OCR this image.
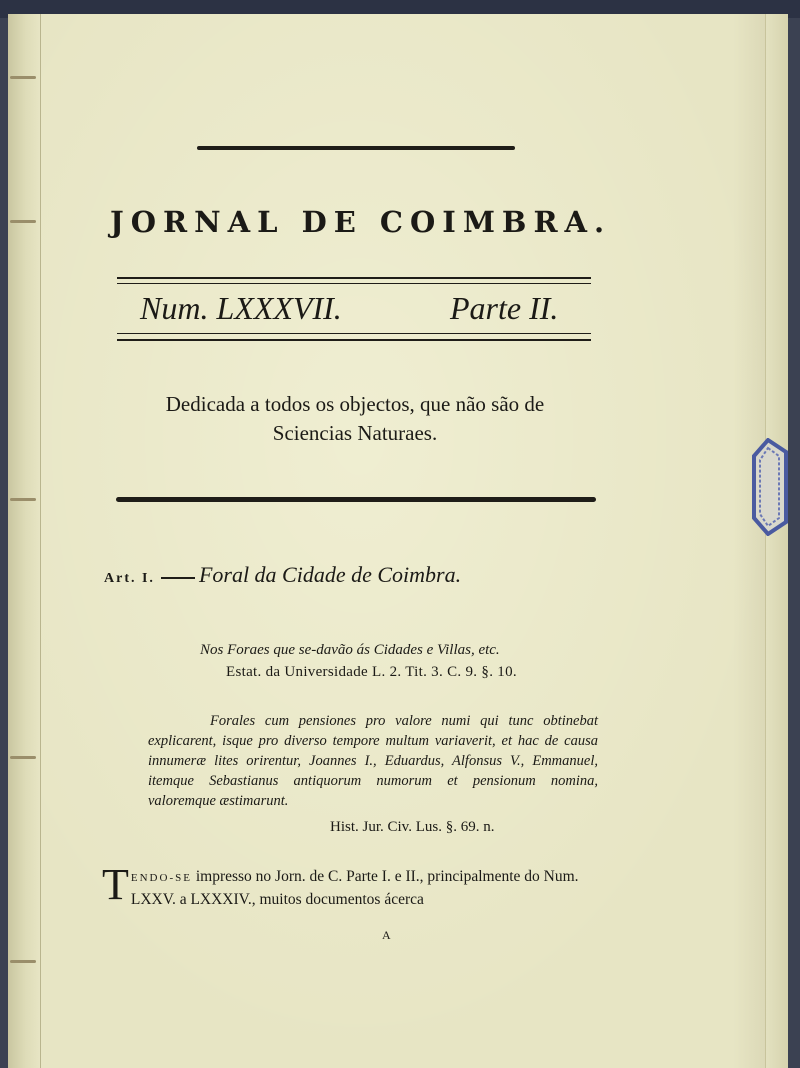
JORNAL DE COIMBRA.
Num. LXXXVII.	Parte II.
Dedicada a todos os objectos, que não são de Sciencias Naturaes.
Art. I. Foral da Cidade de Coimbra.
Nos Foraes que se-davão ás Cidades e Villas, etc.
Estat. da Universidade L. 2. Tit. 3. C. 9. §. 10.
Forales cum pensiones pro valore numi qui tunc obtinebat explicarent, isque pro diverso tempore multum variaverit, et hac de causa innumeræ lites orirentur, Joannes I., Eduardus, Alfonsus V., Emmanuel, itemque Sebastianus antiquorum numorum et pensionum nomina, valoremque æstimarunt.
Hist. Jur. Civ. Lus. §. 69. n.
TENDO-SE impresso no Jorn. de C. Parte I. e II., principalmente do Num. LXXV. a LXXXIV., muitos documentos ácerca
A
